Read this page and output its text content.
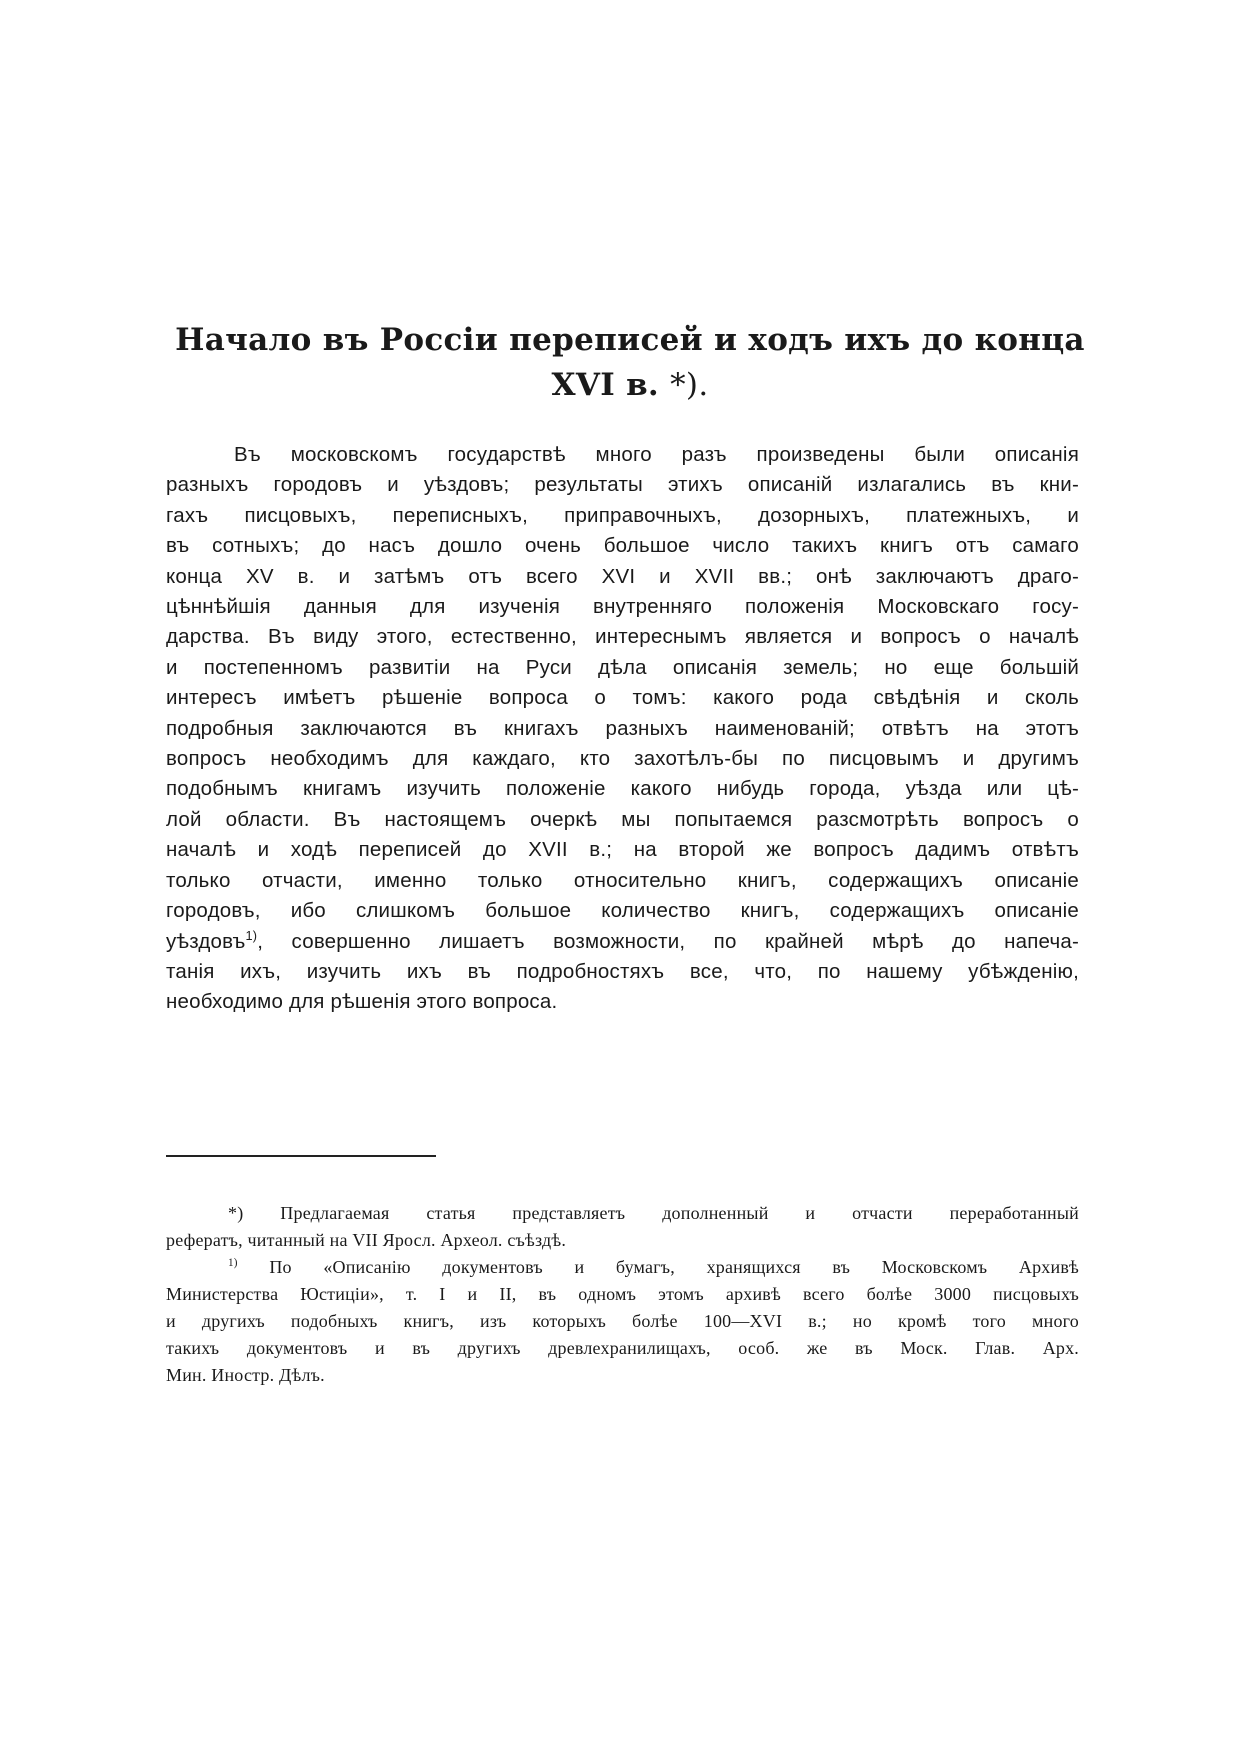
Начало въ Россіи переписей и ходъ ихъ до конца
XVI в. *).

Въ московскомъ государствѣ много разъ произведены были описанія

разныхъ городовъ и уѣздовъ; результаты этихъ описаній излагались въ кни-

гахъ писцовыхъ, переписныхъ, приправочныхъ, дозорныхъ, платежныхъ, и

въ сотныхъ; до насъ дошло очень большое число такихъ книгъ отъ самаго

конца XV в. и затѣмъ отъ всего XVI и XVII вв.; онѣ заключаютъ драго-

цѣннѣйшія данныя для изученія внутренняго положенія Московскаго госу-

дарства. Въ виду этого, естественно, интереснымъ является и вопросъ о началѣ

и постепенномъ развитіи на Руси дѣла описанія земель; но еще большій

интересъ имѣетъ рѣшеніе вопроса о томъ: какого рода свѣдѣнія и сколь

подробныя заключаются въ книгахъ разныхъ наименованій; отвѣтъ на этотъ

вопросъ необходимъ для каждаго, кто захотѣлъ-бы по писцовымъ и другимъ

подобнымъ книгамъ изучить положеніе какого нибудь города, уѣзда или цѣ-

лой области. Въ настоящемъ очеркѣ мы попытаемся разсмотрѣть вопросъ о

началѣ и ходѣ переписей до XVII в.; на второй же вопросъ дадимъ отвѣтъ

только отчасти, именно только относительно книгъ, содержащихъ описаніе

городовъ, ибо слишкомъ большое количество книгъ, содержащихъ описаніе

уѣздовъ$^{1)}$, совершенно лишаетъ возможности, по крайней мѣрѣ до напеча-

танія ихъ, изучить ихъ въ подробностяхъ все, что, по нашему убѣжденію,

необходимо для рѣшенія этого вопроса.

*) Предлагаемая статья представляетъ дополненный и отчасти переработанный

рефератъ, читанный на VII Яросл. Археол. съѣздѣ.

$^{1)}$ По «Описанію документовъ и бумагъ, хранящихся въ Московскомъ Архивѣ

Министерства Юстиціи», т. I и II, въ одномъ этомъ архивѣ всего болѣе 3000 писцовыхъ

и другихъ подобныхъ книгъ, изъ которыхъ болѣе 100—XVI в.; но кромѣ того много

такихъ документовъ и въ другихъ древлехранилищахъ, особ. же въ Моск. Глав. Арх.

Мин. Иностр. Дѣлъ.
